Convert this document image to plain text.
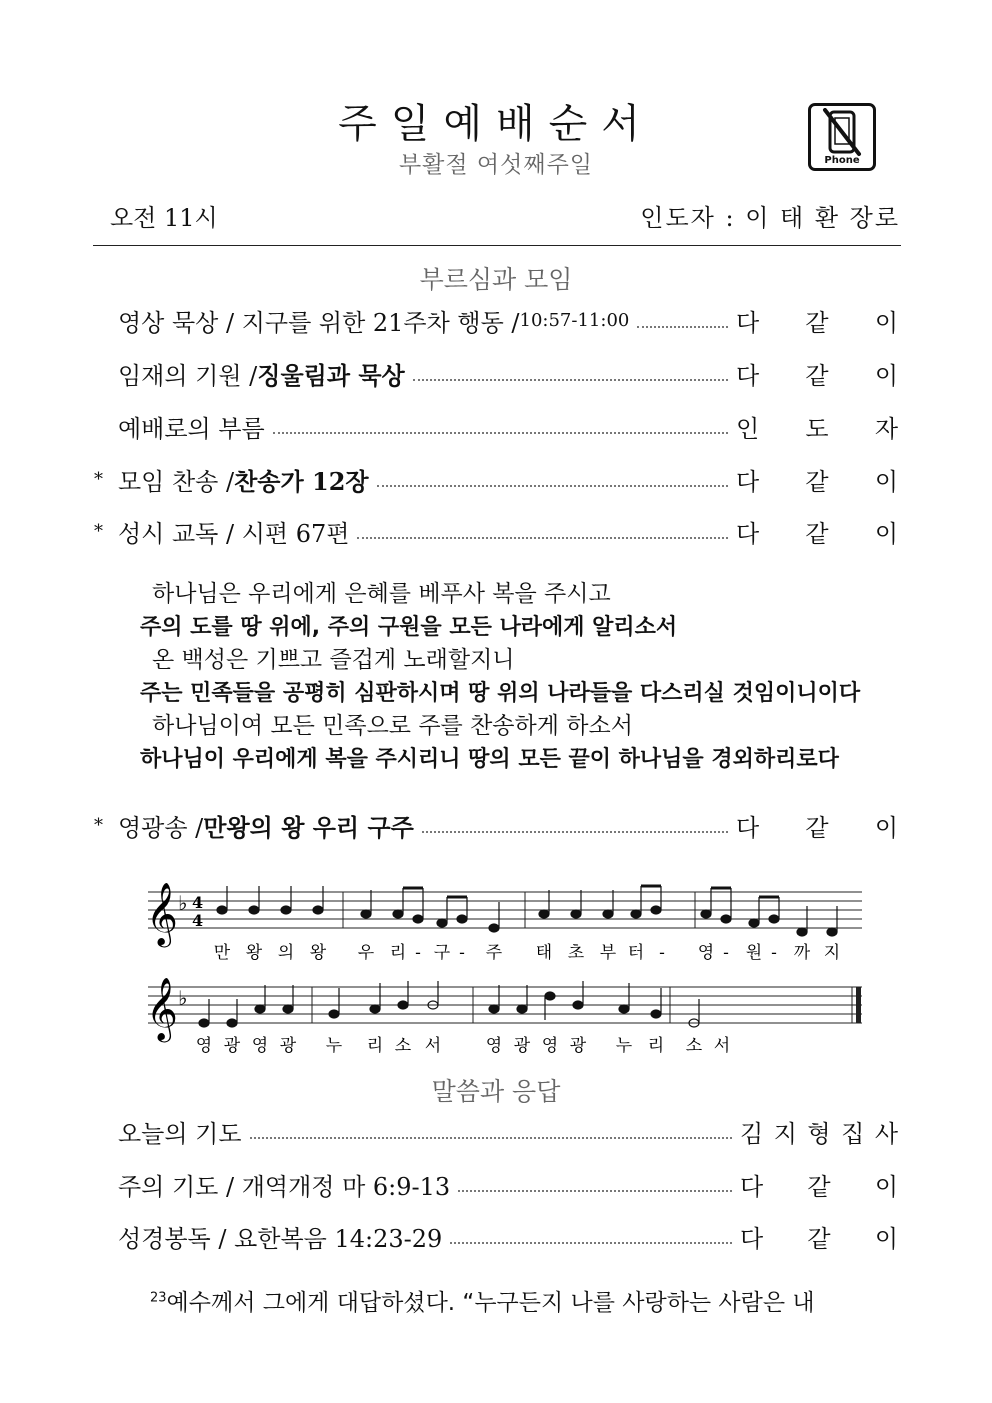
주일예배순서
부활절 여섯째주일	Phone
오전 11시	인도자 : 이 태 환 장로
부르심과 모임
영상 묵상 / 지구를 위한 21주차 행동 / 10:57-11:00	다 같 이
임재의 기원 / 징울림과 묵상	다 같 이
예배로의 부름	인 도 자
* 모임 찬송 / 찬송가 12장	다 같 이
* 성시 교독 / 시편 67편	다 같 이
하나님은 우리에게 은혜를 베푸사 복을 주시고
주의 도를 땅 위에, 주의 구원을 모든 나라에게 알리소서
온 백성은 기쁘고 즐겁게 노래할지니
주는 민족들을 공평히 심판하시며 땅 위의 나라들을 다스리실 것임이니이다
하나님이여 모든 민족으로 주를 찬송하게 하소서
하나님이 우리에게 복을 주시리니 땅의 모든 끝이 하나님을 경외하리로다
* 영광송 / 만왕의 왕 우리 구주	다 같 이
𝄞 ♭ 4
4
𝄞 ♭
만 왕 의 왕 우 리 - 구 - 주 태 초 부 터 - 영 - 원 - 까 지
영 광 영 광 누 리 소 서	영 광 영 광 누 리 소 서
말씀과 응답
오늘의 기도	김 지 형 집 사
주의 기도 / 개역개정 마 6:9-13	다 같 이
성경봉독 / 요한복음 14:23-29	다 같 이
$^{23}$예수께서 그에게 대답하셨다. “누구든지 나를 사랑하는 사람은 내
